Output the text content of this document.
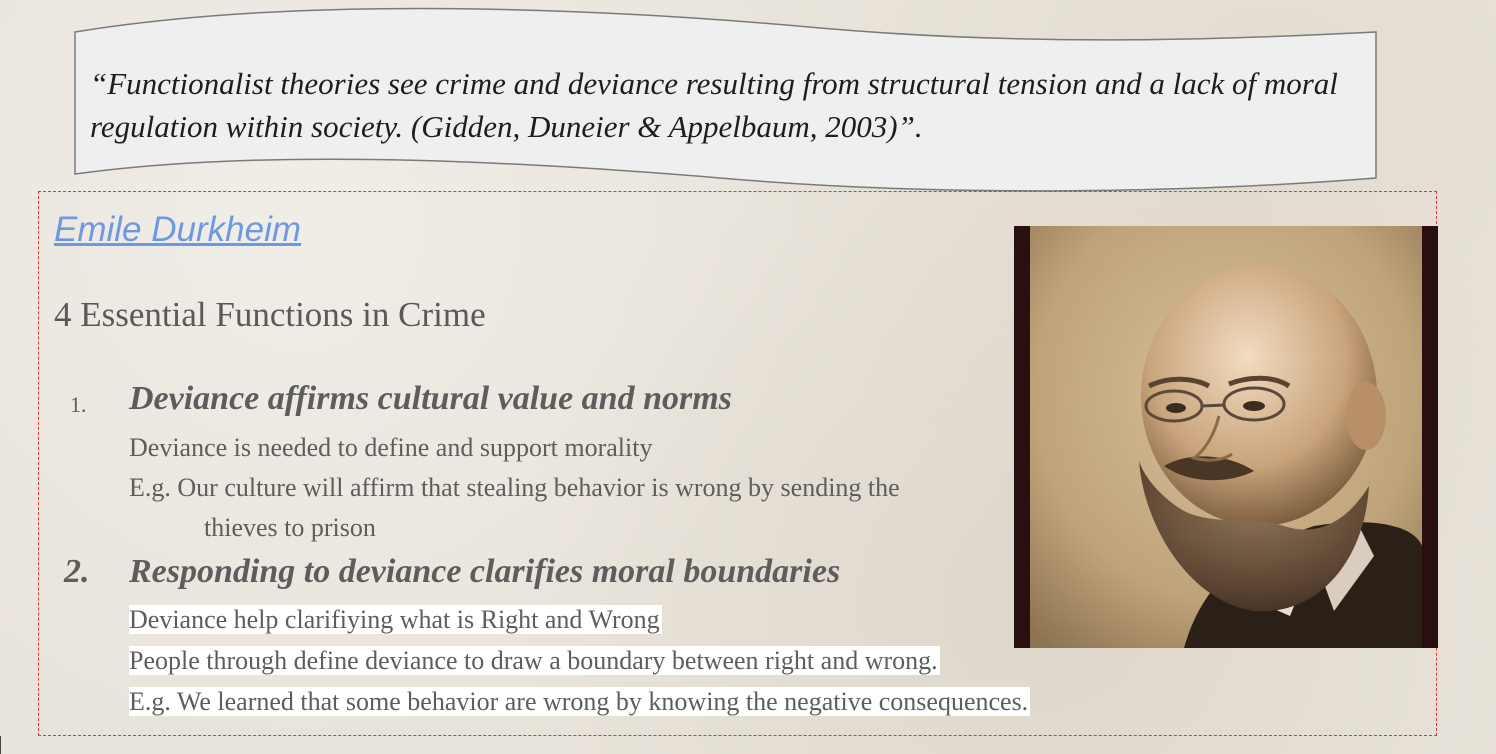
“Functionalist theories see crime and deviance resulting from structural tension and a lack of moral regulation within society. (Gidden, Duneier & Appelbaum, 2003)”.
Emile Durkheim
4 Essential Functions in Crime
1. Deviance affirms cultural value and norms
Deviance is needed to define and support morality
E.g. Our culture will affirm that stealing behavior is wrong by sending the
thieves to prison
2. Responding to deviance clarifies moral boundaries
Deviance help clarifiying what is Right and Wrong
People through define deviance to draw a boundary between right and wrong.
E.g. We learned that some behavior are wrong by knowing the negative consequences.
